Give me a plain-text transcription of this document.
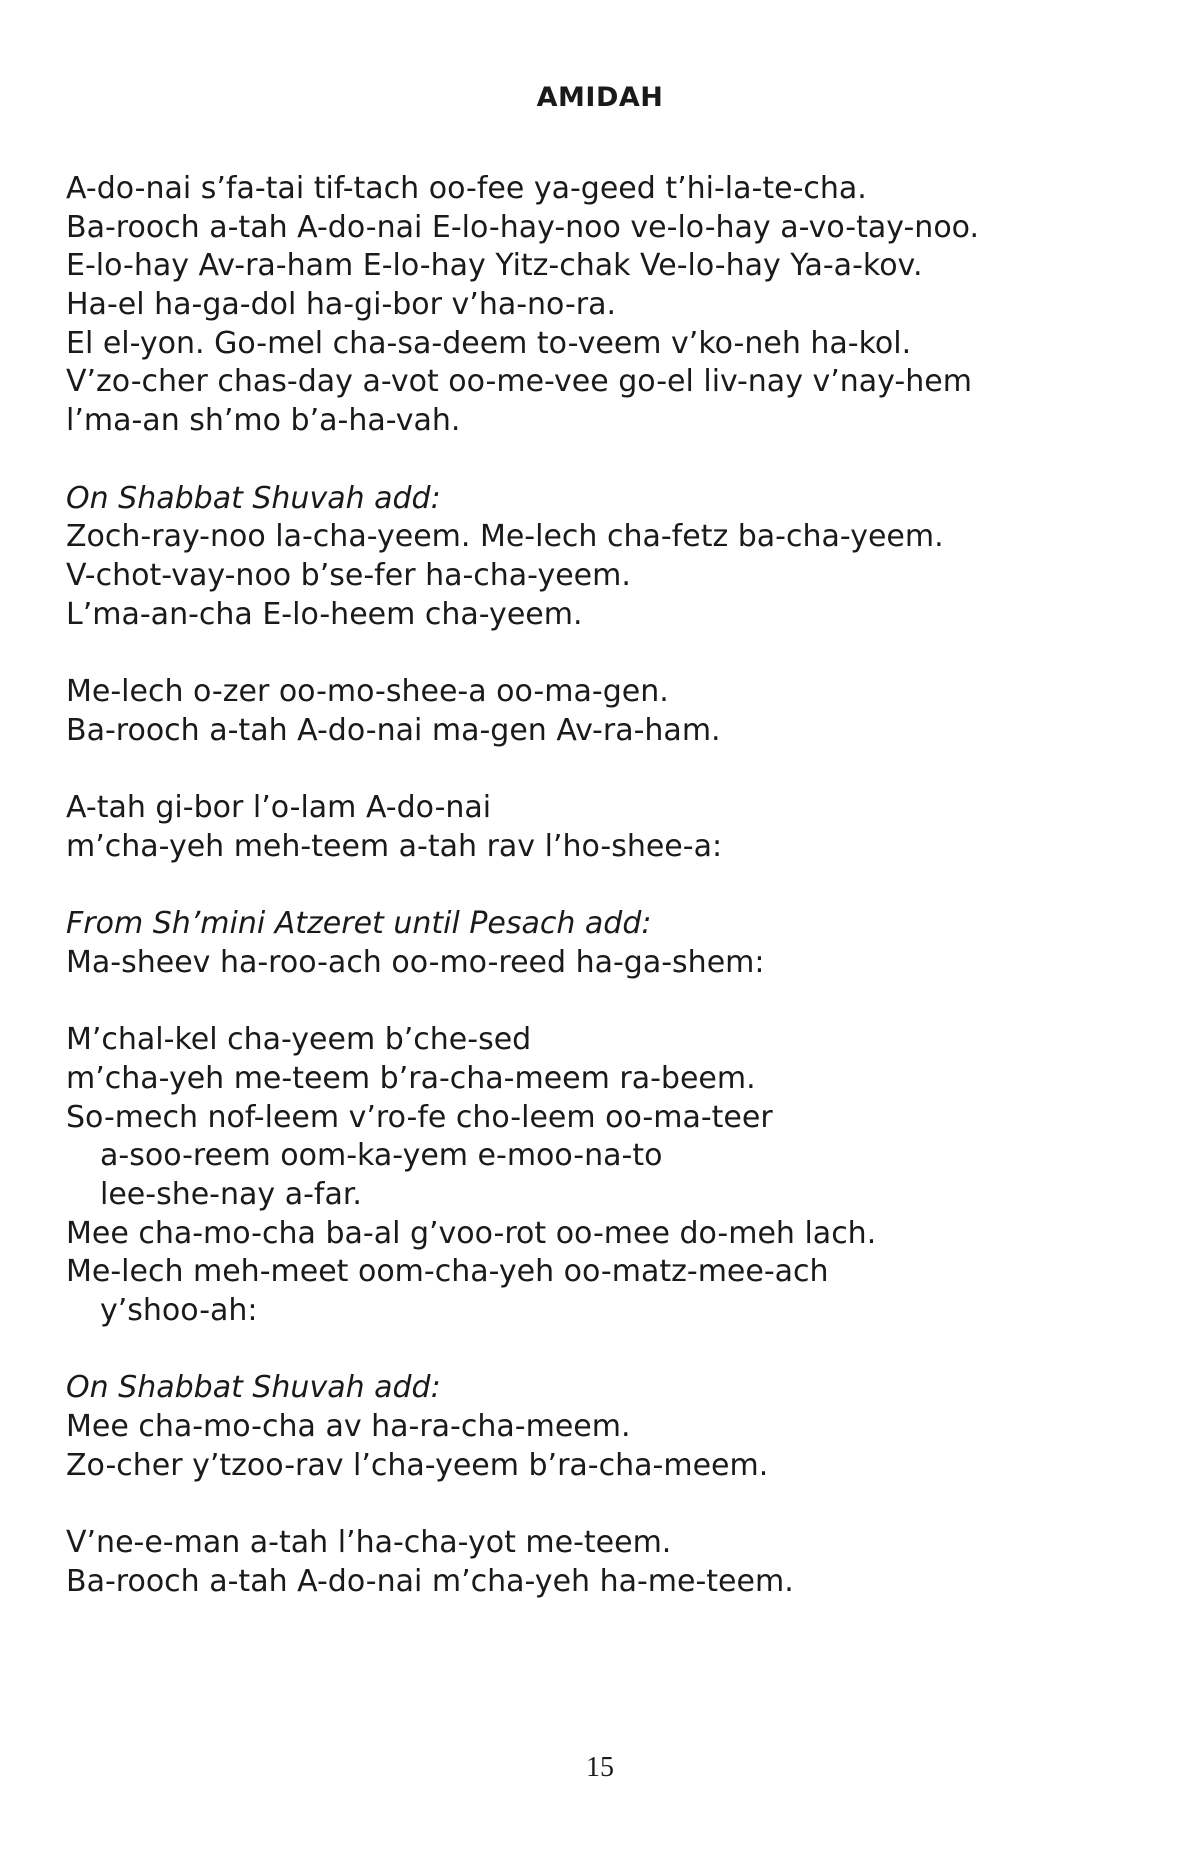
AMIDAH
A-do-nai s’fa-tai tif-tach oo-fee ya-geed t’hi-la-te-cha.
Ba-rooch a-tah A-do-nai E-lo-hay-noo ve-lo-hay a-vo-tay-noo.
E-lo-hay Av-ra-ham E-lo-hay Yitz-chak Ve-lo-hay Ya-a-kov.
Ha-el ha-ga-dol ha-gi-bor v’ha-no-ra.
El el-yon. Go-mel cha-sa-deem to-veem v’ko-neh ha-kol.
V’zo-cher chas-day a-vot oo-me-vee go-el liv-nay v’nay-hem
l’ma-an sh’mo b’a-ha-vah.
On Shabbat Shuvah add:
Zoch-ray-noo la-cha-yeem. Me-lech cha-fetz ba-cha-yeem.
V-chot-vay-noo b’se-fer ha-cha-yeem.
L’ma-an-cha E-lo-heem cha-yeem.
Me-lech o-zer oo-mo-shee-a oo-ma-gen.
Ba-rooch a-tah A-do-nai ma-gen Av-ra-ham.
A-tah gi-bor l’o-lam A-do-nai
m’cha-yeh meh-teem a-tah rav l’ho-shee-a:
From Sh’mini Atzeret until Pesach add:
Ma-sheev ha-roo-ach oo-mo-reed ha-ga-shem:
M’chal-kel cha-yeem b’che-sed
m’cha-yeh me-teem b’ra-cha-meem ra-beem.
So-mech nof-leem v’ro-fe cho-leem oo-ma-teer
a-soo-reem oom-ka-yem e-moo-na-to
lee-she-nay a-far.
Mee cha-mo-cha ba-al g’voo-rot oo-mee do-meh lach.
Me-lech meh-meet oom-cha-yeh oo-matz-mee-ach
y’shoo-ah:
On Shabbat Shuvah add:
Mee cha-mo-cha av ha-ra-cha-meem.
Zo-cher y’tzoo-rav l’cha-yeem b’ra-cha-meem.
V’ne-e-man a-tah l’ha-cha-yot me-teem.
Ba-rooch a-tah A-do-nai m’cha-yeh ha-me-teem.
15
